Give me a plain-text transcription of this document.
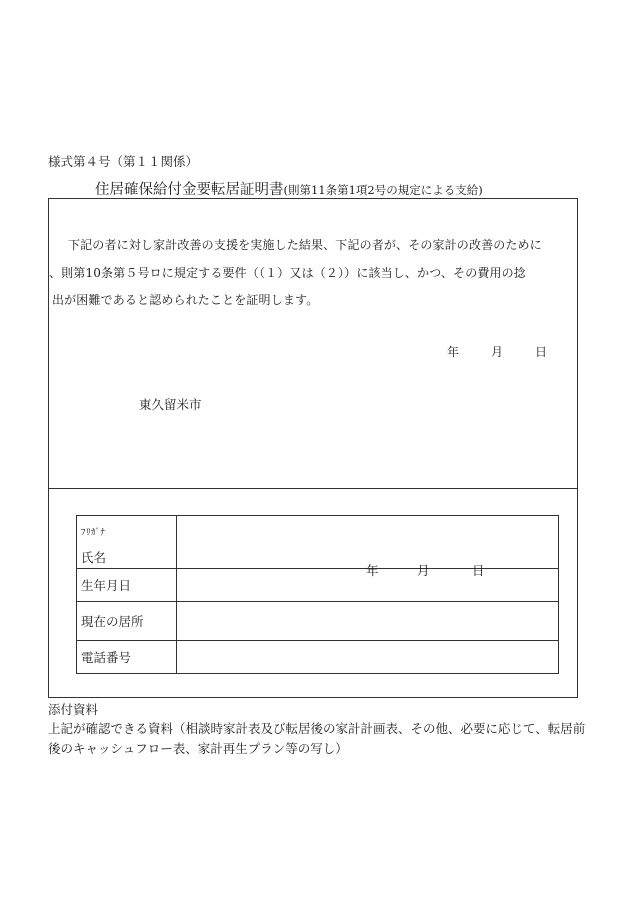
様式第４号（第１１関係）
住居確保給付金要転居証明書(則第11条第1項2号の規定による支給)
下記の者に対し家計改善の支援を実施した結果、下記の者が、その家計の改善のために
、則第10条第５号ロに規定する要件（（１）又は（２））に該当し、かつ、その費用の捻
出が困難であると認められたことを証明します。
年	月	日
東久留米市
ﾌﾘｶﾞﾅ
氏名	

生年月日	年 月 日

現在の居所	
電話番号	
添付資料
上記が確認できる資料（相談時家計表及び転居後の家計計画表、その他、必要に応じて、転居前後のキャッシュフロー表、家計再生プラン等の写し）
